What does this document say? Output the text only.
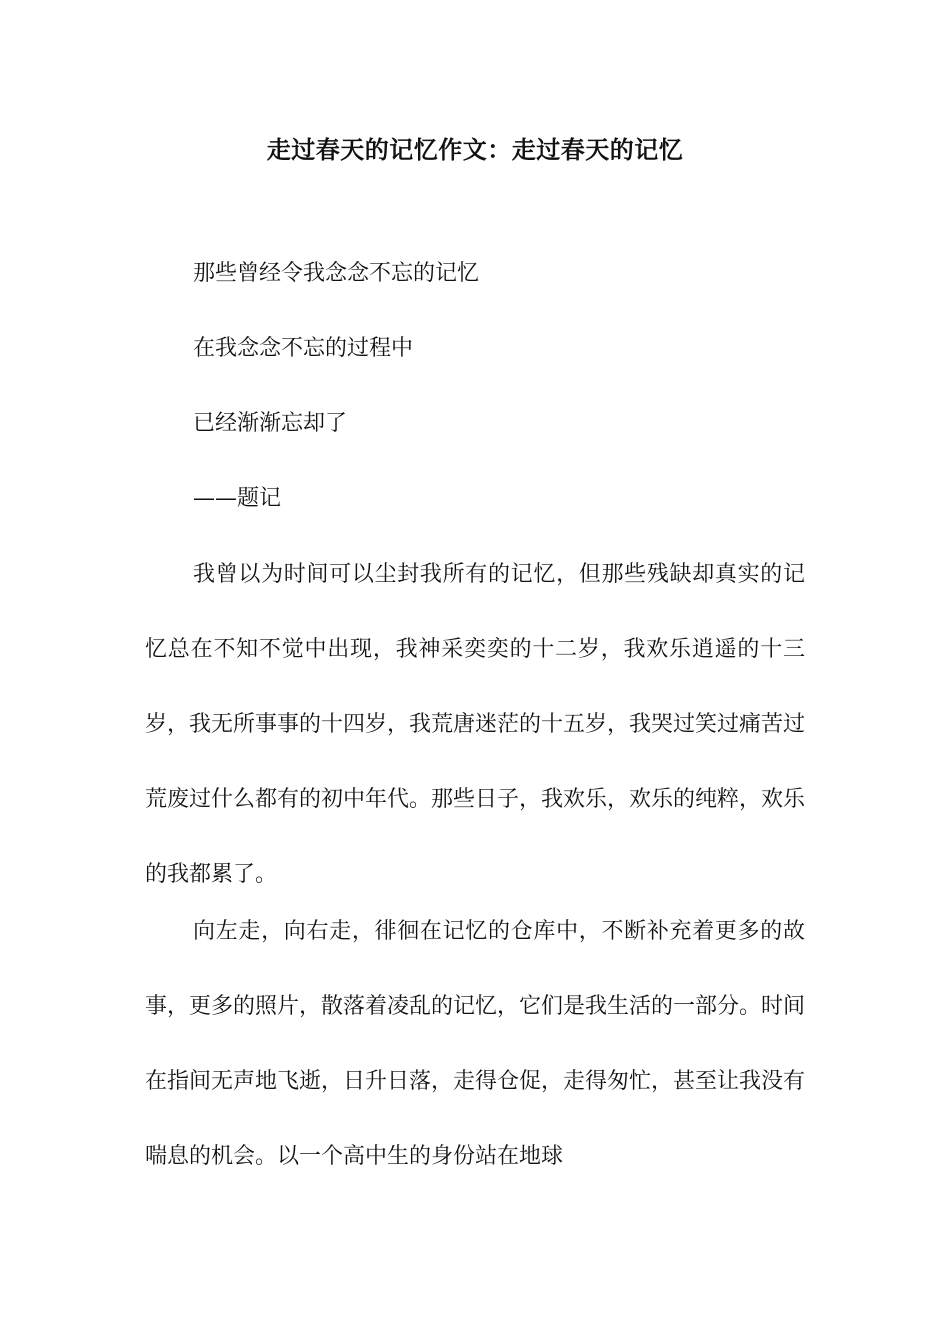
走过春天的记忆作文：走过春天的记忆

那些曾经令我念念不忘的记忆

在我念念不忘的过程中

已经渐渐忘却了

——题记

我曾以为时间可以尘封我所有的记忆，但那些残缺却真实的记忆总在不知不觉中出现，我神采奕奕的十二岁，我欢乐逍遥的十三岁，我无所事事的十四岁，我荒唐迷茫的十五岁，我哭过笑过痛苦过荒废过什么都有的初中年代。那些日子，我欢乐，欢乐的纯粹，欢乐的我都累了。

向左走，向右走，徘徊在记忆的仓库中，不断补充着更多的故事，更多的照片，散落着凌乱的记忆，它们是我生活的一部分。时间在指间无声地飞逝，日升日落，走得仓促，走得匆忙，甚至让我没有喘息的机会。以一个高中生的身份站在地球
